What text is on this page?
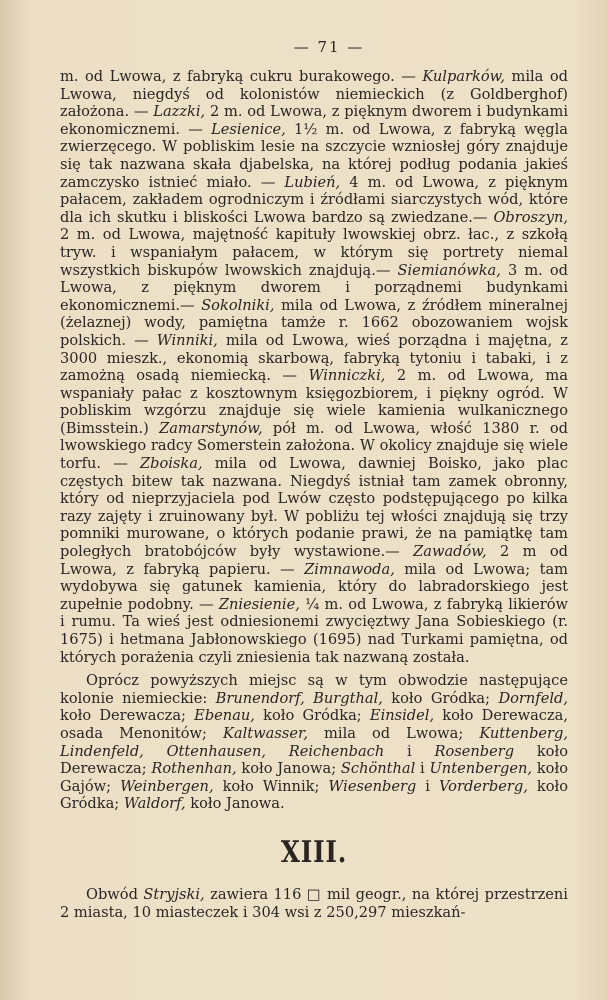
— 71 —

m. od Lwowa, z fabryką cukru burakowego. — Kulparków, mila od Lwowa, niegdyś od kolonistów niemieckich (z Goldberghof) założona. — Lazzki, 2 m. od Lwowa, z pięknym dworem i budynkami ekonomicznemi. — Lesienice, 1½ m. od Lwowa, z fabryką węgla zwierzęcego. W pobliskim lesie na szczycie wzniosłej góry znajduje się tak nazwana skała djabelska, na której podług podania jakieś zamczysko istnieć miało. — Lubień, 4 m. od Lwowa, z pięknym pałacem, zakładem ogrodniczym i źródłami siarczystych wód, które dla ich skutku i bliskości Lwowa bardzo są zwiedzane.— Obroszyn, 2 m. od Lwowa, majętność kapituły lwowskiej obrz. łac., z szkołą tryw. i wspaniałym pałacem, w którym się portrety niemal wszystkich biskupów lwowskich znajdują.— Siemianówka, 3 m. od Lwowa, z pięknym dworem i porządnemi budynkami ekonomicznemi.— Sokolniki, mila od Lwowa, z źródłem mineralnej (żelaznej) wody, pamiętna tamże r. 1662 obozowaniem wojsk polskich. — Winniki, mila od Lwowa, wieś porządna i majętna, z 3000 mieszk., ekonomią skarbową, fabryką tytoniu i tabaki, i z zamożną osadą niemiecką. — Winniczki, 2 m. od Lwowa, ma wspaniały pałac z kosztownym księgozbiorem, i piękny ogród. W pobliskim wzgórzu znajduje się wiele kamienia wulkanicznego (Bimsstein.) Zamarstynów, pół m. od Lwowa, włość 1380 r. od lwowskiego radcy Somerstein założona. W okolicy znajduje się wiele torfu. — Zboiska, mila od Lwowa, dawniej Boisko, jako plac częstych bitew tak nazwana. Niegdyś istniał tam zamek obronny, który od nieprzyjaciela pod Lwów często podstępującego po kilka razy zajęty i zruinowany był. W pobliżu tej włości znajdują się trzy pomniki murowane, o których podanie prawi, że na pamiątkę tam poległych bratobójców były wystawione.— Zawadów, 2 m od Lwowa, z fabryką papieru. — Zimnawoda, mila od Lwowa; tam wydobywa się gatunek kamienia, który do labradorskiego jest zupełnie podobny. — Zniesienie, ¼ m. od Lwowa, z fabryką likierów i rumu. Ta wieś jest odniesionemi zwycięztwy Jana Sobieskiego (r. 1675) i hetmana Jabłonowskiego (1695) nad Turkami pamiętna, od których porażenia czyli zniesienia tak nazwaną została.

Oprócz powyższych miejsc są w tym obwodzie następujące kolonie niemieckie: Brunendorf, Burgthal, koło Gródka; Dornfeld, koło Derewacza; Ebenau, koło Gródka; Einsidel, koło Derewacza, osada Menonitów; Kaltwasser, mila od Lwowa; Kuttenberg, Lindenfeld, Ottenhausen, Reichenbach i Rosenberg koło Derewacza; Rothenhan, koło Janowa; Schönthal i Untenbergen, koło Gajów; Weinbergen, koło Winnik; Wiesenberg i Vorderberg, koło Gródka; Waldorf, koło Janowa.

XIII.

Obwód Stryjski, zawiera 116 □ mil geogr., na której przestrzeni 2 miasta, 10 miasteczek i 304 wsi z 250,297 mieszkań-
